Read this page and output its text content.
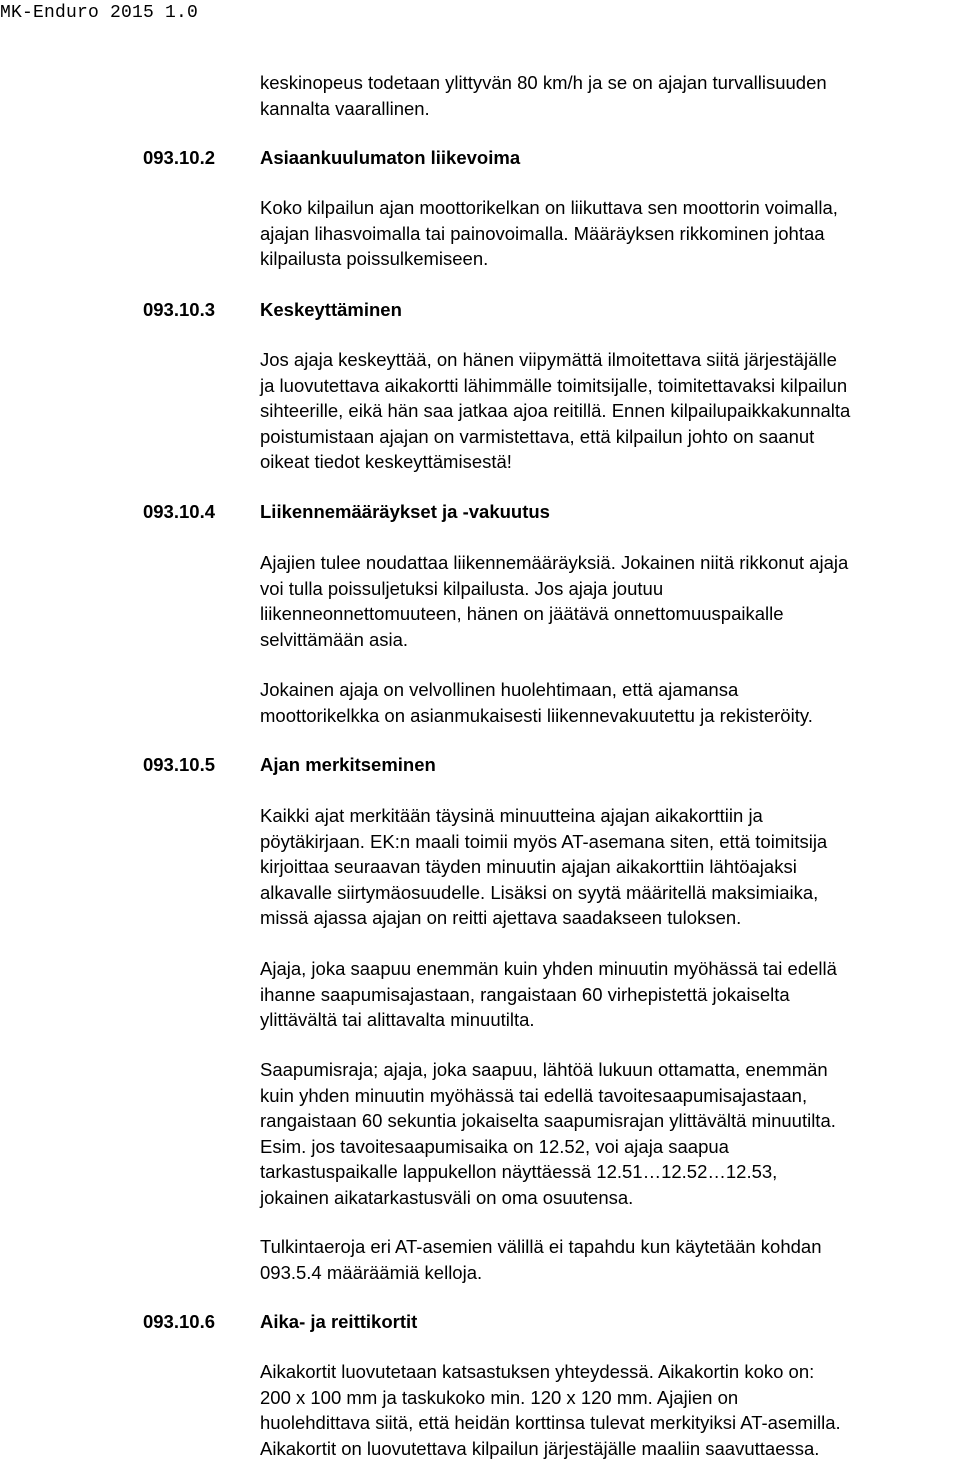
MK-Enduro 2015 1.0
keskinopeus todetaan ylittyvän 80 km/h ja se on ajajan turvallisuuden
kannalta vaarallinen.
093.10.2 Asiaankuulumaton liikevoima
Koko kilpailun ajan moottorikelkan on liikuttava sen moottorin voimalla,
ajajan lihasvoimalla tai painovoimalla. Määräyksen rikkominen johtaa
kilpailusta poissulkemiseen.
093.10.3 Keskeyttäminen
Jos ajaja keskeyttää, on hänen viipymättä ilmoitettava siitä järjestäjälle
ja luovutettava aikakortti lähimmälle toimitsijalle, toimitettavaksi kilpailun
sihteerille, eikä hän saa jatkaa ajoa reitillä. Ennen kilpailupaikkakunnalta
poistumistaan ajajan on varmistettava, että kilpailun johto on saanut
oikeat tiedot keskeyttämisestä!
093.10.4 Liikennemääräykset ja -vakuutus
Ajajien tulee noudattaa liikennemääräyksiä. Jokainen niitä rikkonut ajaja
voi tulla poissuljetuksi kilpailusta. Jos ajaja joutuu
liikenneonnettomuuteen, hänen on jäätävä onnettomuuspaikalle
selvittämään asia.
Jokainen ajaja on velvollinen huolehtimaan, että ajamansa
moottorikelkka on asianmukaisesti liikennevakuutettu ja rekisteröity.
093.10.5 Ajan merkitseminen
Kaikki ajat merkitään täysinä minuutteina ajajan aikakorttiin ja
pöytäkirjaan. EK:n maali toimii myös AT-asemana siten, että toimitsija
kirjoittaa seuraavan täyden minuutin ajajan aikakorttiin lähtöajaksi
alkavalle siirtymäosuudelle. Lisäksi on syytä määritellä maksimiaika,
missä ajassa ajajan on reitti ajettava saadakseen tuloksen.
Ajaja, joka saapuu enemmän kuin yhden minuutin myöhässä tai edellä
ihanne saapumisajastaan, rangaistaan 60 virhepistettä jokaiselta
ylittävältä tai alittavalta minuutilta.
Saapumisraja; ajaja, joka saapuu, lähtöä lukuun ottamatta, enemmän
kuin yhden minuutin myöhässä tai edellä tavoitesaapumisajastaan,
rangaistaan 60 sekuntia jokaiselta saapumisrajan ylittävältä minuutilta.
Esim. jos tavoitesaapumisaika on 12.52, voi ajaja saapua
tarkastuspaikalle lappukellon näyttäessä 12.51…12.52…12.53,
jokainen aikatarkastusväli on oma osuutensa.
Tulkintaeroja eri AT-asemien välillä ei tapahdu kun käytetään kohdan
093.5.4 määräämiä kelloja.
093.10.6 Aika- ja reittikortit
Aikakortit luovutetaan katsastuksen yhteydessä. Aikakortin koko on:
200 x 100 mm ja taskukoko min. 120 x 120 mm. Ajajien on
huolehdittava siitä, että heidän korttinsa tulevat merkityiksi AT-asemilla.
Aikakortit on luovutettava kilpailun järjestäjälle maaliin saavuttaessa.
